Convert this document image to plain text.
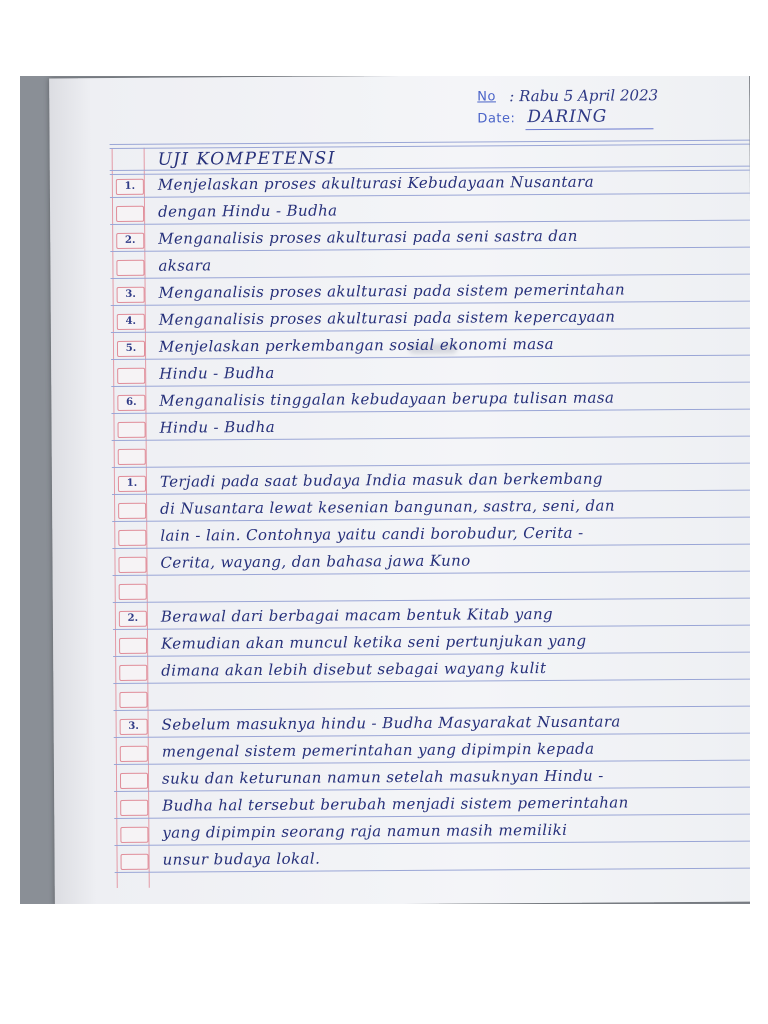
No : Rabu 5 April 2023
Date: DARING
UJI KOMPETENSI
1.	Menjelaskan proses akulturasi Kebudayaan Nusantara
dengan Hindu - Budha
2.	Menganalisis proses akulturasi pada seni sastra dan
aksara
3.	Menganalisis proses akulturasi pada sistem pemerintahan
4.	Menganalisis proses akulturasi pada sistem kepercayaan
5.	Menjelaskan perkembangan sosial ekonomi masa
Hindu - Budha
6.	Menganalisis tinggalan kebudayaan berupa tulisan masa
Hindu - Budha
1.	Terjadi pada saat budaya India masuk dan berkembang
di Nusantara lewat kesenian bangunan, sastra, seni, dan
lain - lain. Contohnya yaitu candi borobudur, Cerita -
Cerita, wayang, dan bahasa jawa Kuno
2.	Berawal dari berbagai macam bentuk Kitab yang
Kemudian akan muncul ketika seni pertunjukan yang
dimana akan lebih disebut sebagai wayang kulit
3.	Sebelum masuknya hindu - Budha Masyarakat Nusantara
mengenal sistem pemerintahan yang dipimpin kepada
suku dan keturunan namun setelah masuknyan Hindu -
Budha hal tersebut berubah menjadi sistem pemerintahan
yang dipimpin seorang raja namun masih memiliki
unsur budaya lokal.
